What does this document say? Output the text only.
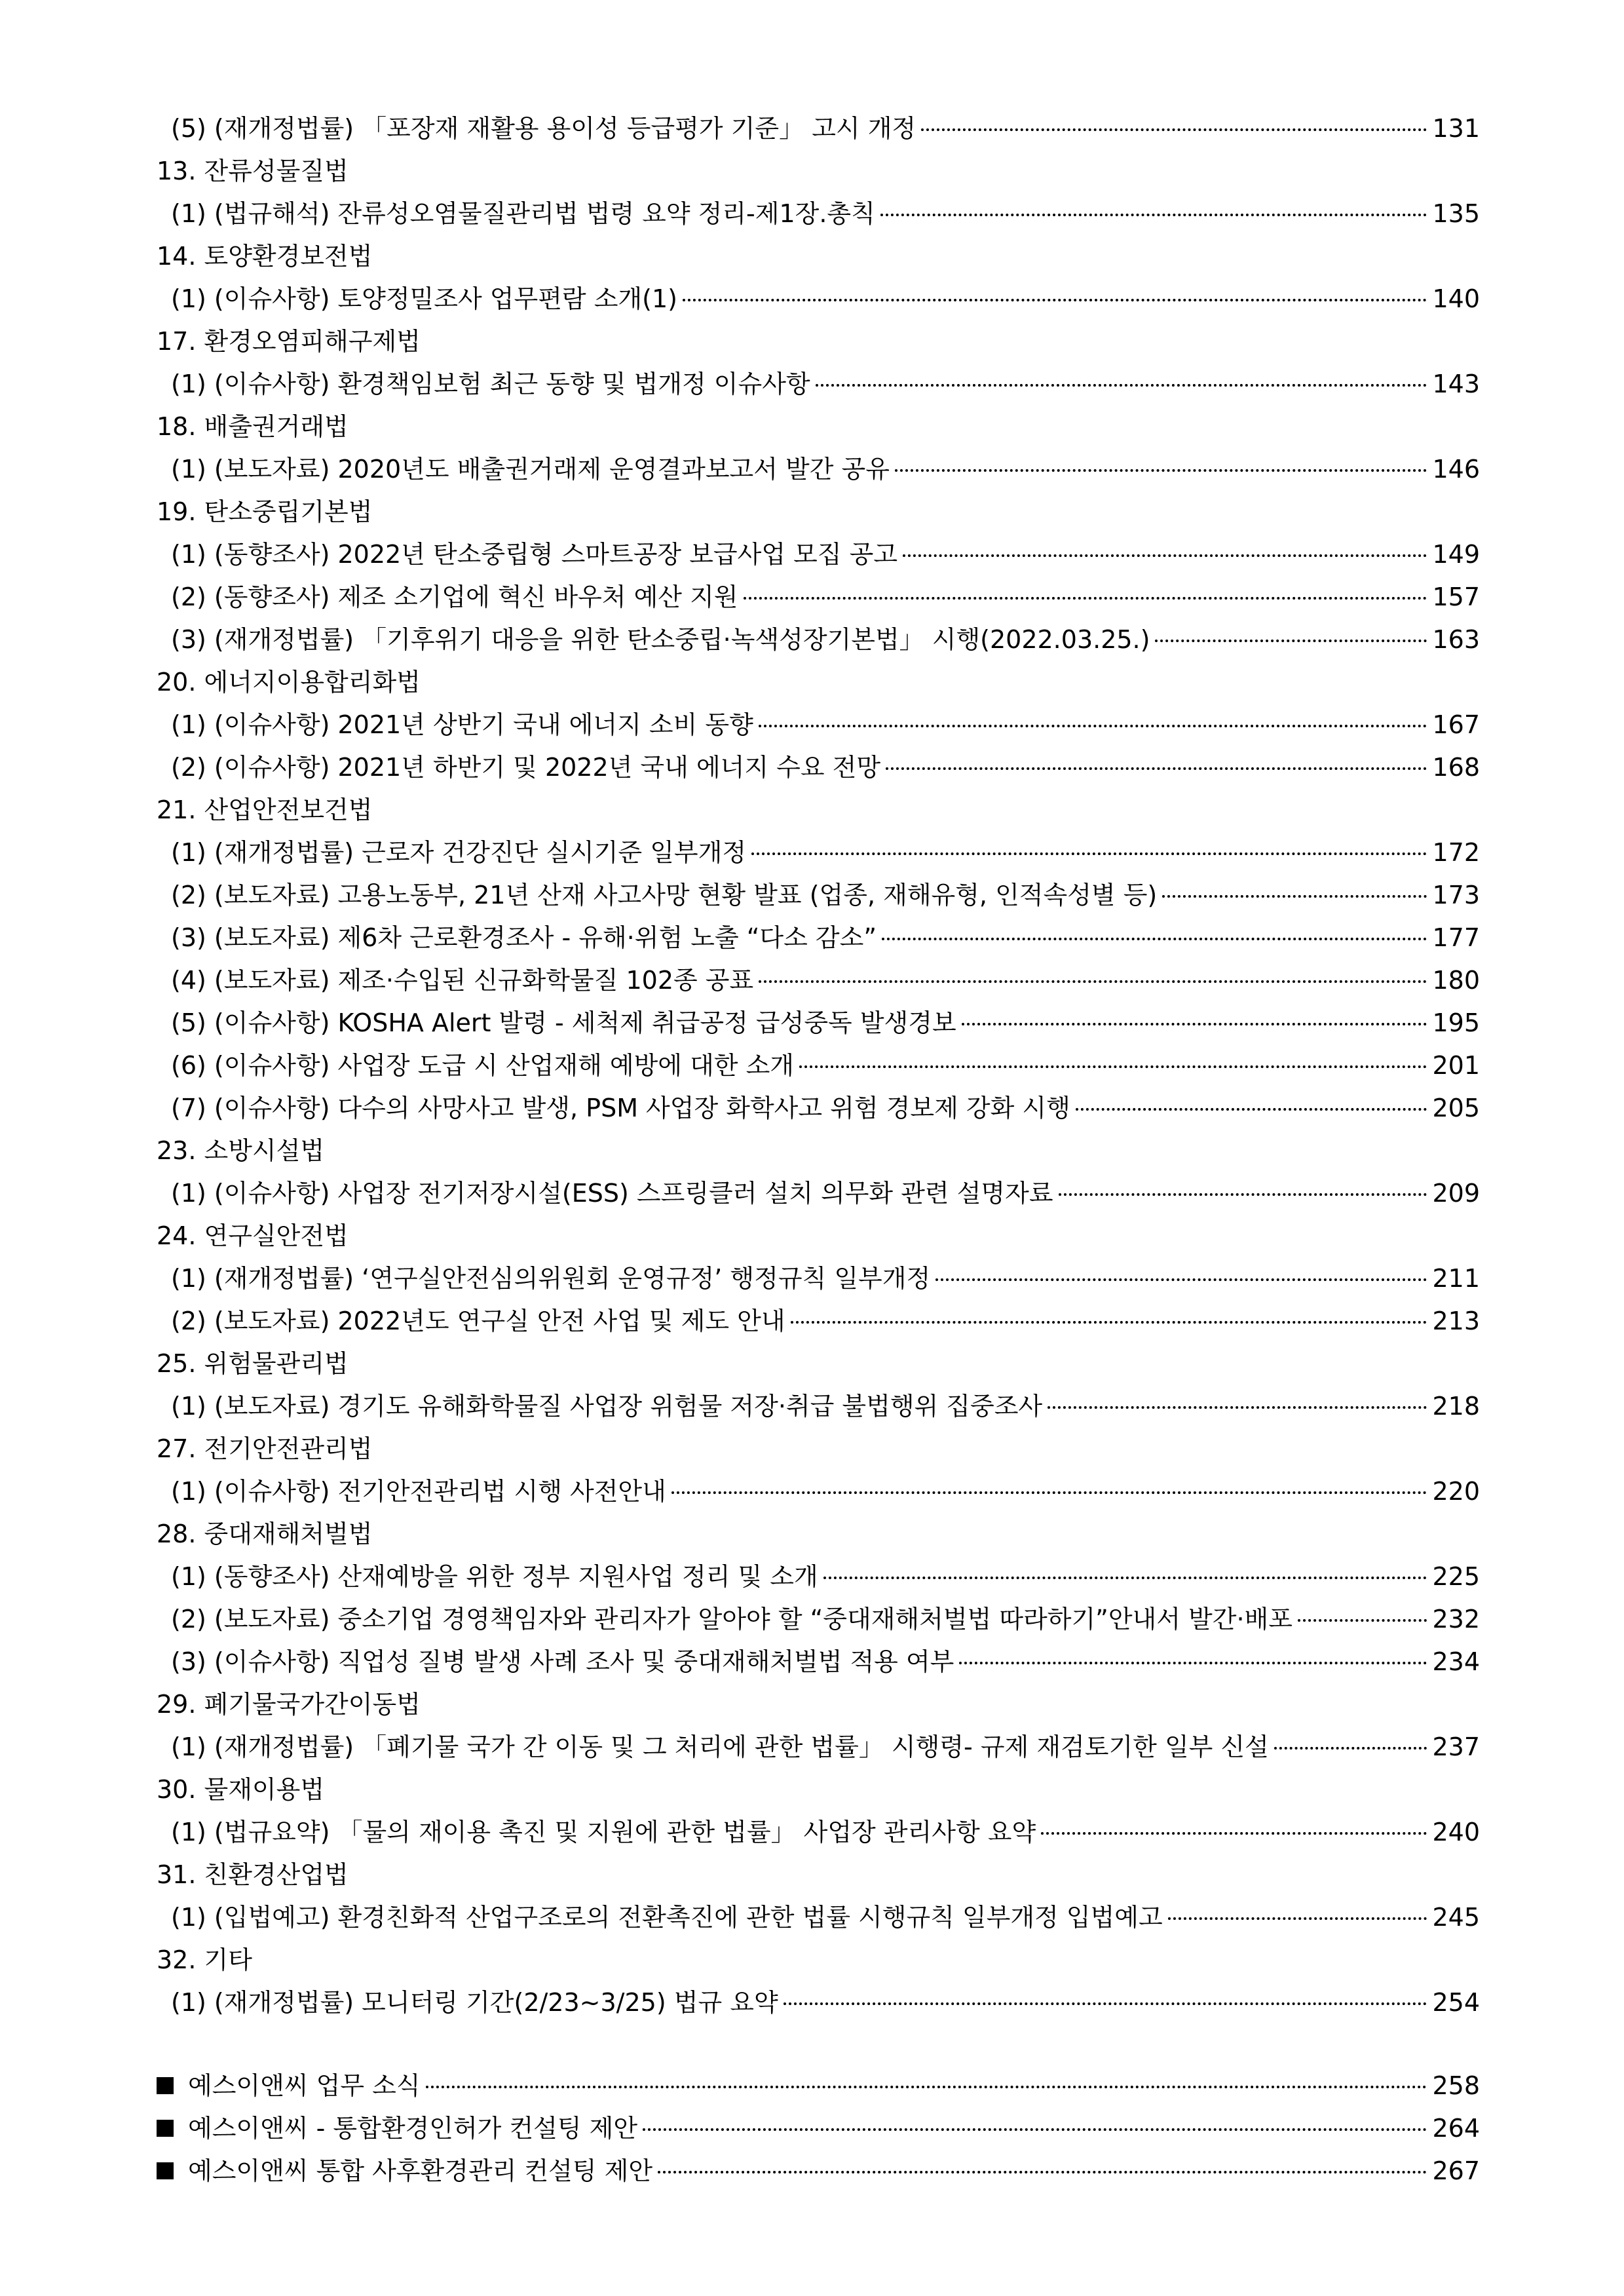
(5) (재개정법률) 「포장재 재활용 용이성 등급평가 기준」 고시 개정	131
13. 잔류성물질법
(1) (법규해석) 잔류성오염물질관리법 법령 요약 정리-제1장.총칙	135
14. 토양환경보전법
(1) (이슈사항) 토양정밀조사 업무편람 소개(1)	140
17. 환경오염피해구제법
(1) (이슈사항) 환경책임보험 최근 동향 및 법개정 이슈사항	143
18. 배출권거래법
(1) (보도자료) 2020년도 배출권거래제 운영결과보고서 발간 공유	146
19. 탄소중립기본법
(1) (동향조사) 2022년 탄소중립형 스마트공장 보급사업 모집 공고	149
(2) (동향조사) 제조 소기업에 혁신 바우처 예산 지원	157
(3) (재개정법률) 「기후위기 대응을 위한 탄소중립·녹색성장기본법」 시행(2022.03.25.)	163
20. 에너지이용합리화법
(1) (이슈사항) 2021년 상반기 국내 에너지 소비 동향	167
(2) (이슈사항) 2021년 하반기 및 2022년 국내 에너지 수요 전망	168
21. 산업안전보건법
(1) (재개정법률) 근로자 건강진단 실시기준 일부개정	172
(2) (보도자료) 고용노동부, 21년 산재 사고사망 현황 발표 (업종, 재해유형, 인적속성별 등)	173
(3) (보도자료) 제6차 근로환경조사 - 유해·위험 노출 “다소 감소”	177
(4) (보도자료) 제조·수입된 신규화학물질 102종 공표	180
(5) (이슈사항) KOSHA Alert 발령 - 세척제 취급공정 급성중독 발생경보	195
(6) (이슈사항) 사업장 도급 시 산업재해 예방에 대한 소개	201
(7) (이슈사항) 다수의 사망사고 발생, PSM 사업장 화학사고 위험 경보제 강화 시행	205
23. 소방시설법
(1) (이슈사항) 사업장 전기저장시설(ESS) 스프링클러 설치 의무화 관련 설명자료	209
24. 연구실안전법
(1) (재개정법률) ‘연구실안전심의위원회 운영규정’ 행정규칙 일부개정	211
(2) (보도자료) 2022년도 연구실 안전 사업 및 제도 안내	213
25. 위험물관리법
(1) (보도자료) 경기도 유해화학물질 사업장 위험물 저장·취급 불법행위 집중조사	218
27. 전기안전관리법
(1) (이슈사항) 전기안전관리법 시행 사전안내	220
28. 중대재해처벌법
(1) (동향조사) 산재예방을 위한 정부 지원사업 정리 및 소개	225
(2) (보도자료) 중소기업 경영책임자와 관리자가 알아야 할 “중대재해처벌법 따라하기”안내서 발간·배포	232
(3) (이슈사항) 직업성 질병 발생 사례 조사 및 중대재해처벌법 적용 여부	234
29. 폐기물국가간이동법
(1) (재개정법률) 「폐기물 국가 간 이동 및 그 처리에 관한 법률」 시행령- 규제 재검토기한 일부 신설	237
30. 물재이용법
(1) (법규요약) 「물의 재이용 촉진 및 지원에 관한 법률」 사업장 관리사항 요약	240
31. 친환경산업법
(1) (입법예고) 환경친화적 산업구조로의 전환촉진에 관한 법률 시행규칙 일부개정 입법예고	245
32. 기타
(1) (재개정법률) 모니터링 기간(2/23~3/25) 법규 요약	254
예스이앤씨 업무 소식	258
예스이앤씨 - 통합환경인허가 컨설팅 제안	264
예스이앤씨 통합 사후환경관리 컨설팅 제안	267
